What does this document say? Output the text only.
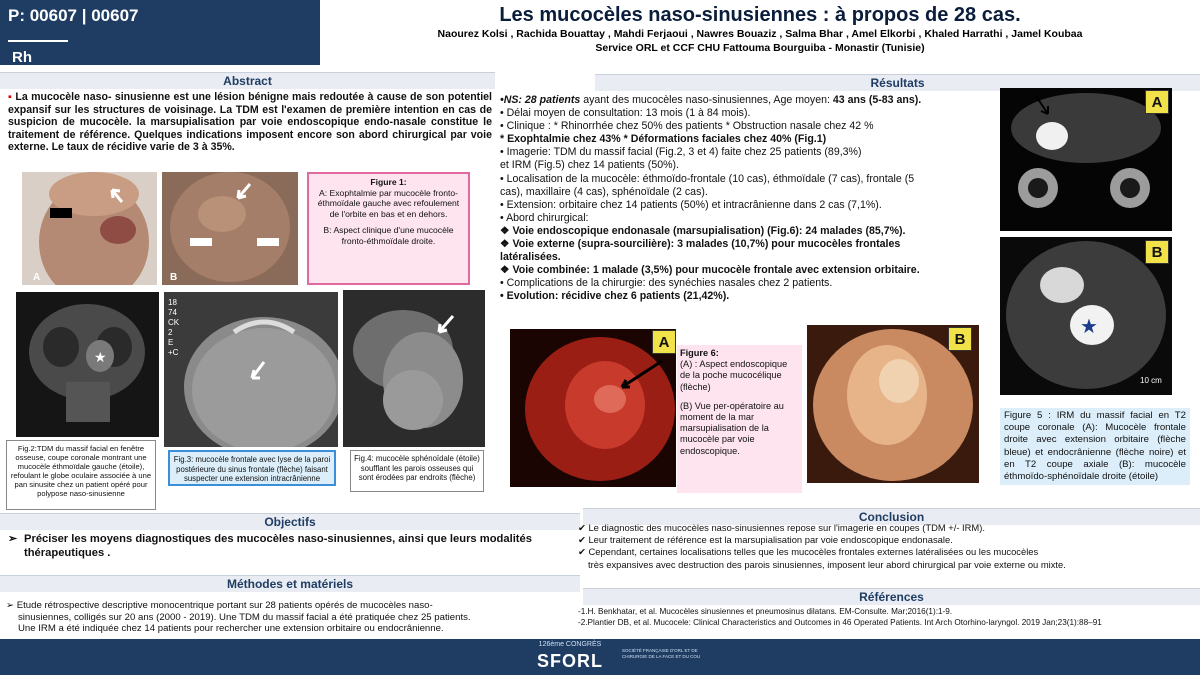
P: 00607 | 00607
Rh
Les mucocèles naso-sinusiennes : à propos de 28 cas.
Naourez Kolsi , Rachida Bouattay , Mahdi Ferjaoui , Nawres Bouaziz , Salma Bhar , Amel Elkorbi , Khaled Harrathi , Jamel Koubaa
Service ORL et CCF CHU Fattouma Bourguiba - Monastir (Tunisie)
Abstract
▪ La mucocèle naso- sinusienne est une lésion bénigne mais redoutée à cause de son potentiel expansif sur les structures de voisinage. La TDM est l'examen de première intention en cas de suspicion de mucocèle. la marsupialisation par voie endoscopique endo-nasale constitue le traitement de référence. Quelques indications imposent encore son abord chirurgical par voie externe. Le taux de récidive varie de 3 à 35%.
A	B
Figure 1:
A: Exophtalmie par mucocèle fronto-éthmoïdale gauche avec refoulement de l'orbite en bas et en dehors.
B: Aspect clinique d'une mucocèle fronto-éthmoïdale droite.
★
Fig.2:TDM du massif facial en fenêtre osseuse, coupe coronale montrant une mucocèle éthmoïdale gauche (étoile), refoulant le globe oculaire associée à une pan sinusite chez un patient opéré pour polypose naso-sinusienne
18
74
CK
2
E
+C
Fig.3: mucocèle frontale avec lyse de la paroi postérieure du sinus frontale (flèche) faisant suspecter une extension intracrânienne
Fig.4: mucocèle sphénoïdale (étoile) soufflant les parois osseuses qui sont érodées par endroits (flèche)
Résultats
•NS: 28 patients ayant des mucocèles naso-sinusiennes, Age moyen: 43 ans (5-83 ans).
• Délai moyen de consultation: 13 mois (1 à 84 mois).
• Clinique : * Rhinorrhée chez 50% des patients * Obstruction nasale chez 42 %
* Exophtalmie chez 43% * Déformations faciales chez 40% (Fig.1)
• Imagerie: TDM du massif facial (Fig.2, 3 et 4) faite chez 25 patients (89,3%)
et IRM (Fig.5) chez 14 patients (50%).
• Localisation de la mucocèle: éthmoïdo-frontale (10 cas), éthmoïdale (7 cas), frontale (5
cas), maxillaire (4 cas), sphénoïdale (2 cas).
• Extension: orbitaire chez 14 patients (50%) et intracrânienne dans 2 cas (7,1%).
• Abord chirurgical:
❖ Voie endoscopique endonasale (marsupialisation) (Fig.6): 24 malades (85,7%).
❖ Voie externe (supra-sourcilière): 3 malades (10,7%) pour mucocèles frontales
latéralisées.
❖ Voie combinée: 1 malade (3,5%) pour mucocèle frontale avec extension orbitaire.
• Complications de la chirurgie: des synéchies nasales chez 2 patients.
• Evolution: récidive chez 6 patients (21,42%).
A
★
B
10 cm
Figure 5 : IRM du massif facial en T2 coupe coronale (A): Mucocèle frontale droite avec extension orbitaire (flèche bleue) et endocrânienne (flèche noire) et en T2 coupe axiale (B): mucocèle éthmoïdo-sphénoïdale droite (étoile)
A
Figure 6:
(A) : Aspect endoscopique de la poche mucocélique (flèche)
(B) Vue per-opératoire au moment de la mar marsupialisation de la mucocèle par voie endoscopique.
B
Objectifs
➢ Préciser les moyens diagnostiques des mucocèles naso-sinusiennes, ainsi que leurs modalités thérapeutiques .
Méthodes et matériels
➢ Etude rétrospective descriptive monocentrique portant sur 28 patients opérés de mucocèles naso-
sinusiennes, colligés sur 20 ans (2000 - 2019). Une TDM du massif facial a été pratiquée chez 25 patients.
Une IRM a été indiquée chez 14 patients pour rechercher une extension orbitaire ou endocrânienne.
Conclusion
✔ Le diagnostic des mucocèles naso-sinusiennes repose sur l'imagerie en coupes (TDM +/- IRM).
✔ Leur traitement de référence est la marsupialisation par voie endoscopique endonasale.
✔ Cependant, certaines localisations telles que les mucocèles frontales externes latéralisées ou les mucocèles
très expansives avec destruction des parois sinusiennes, imposent leur abord chirurgical par voie externe ou mixte.
Références
-1.H. Benkhatar, et al. Mucocèles sinusiennes et pneumosinus dilatans. EM-Consulte. Mar;2016(1):1-9.
-2.Plantier DB, et al. Mucocele: Clinical Characteristics and Outcomes in 46 Operated Patients. Int Arch Otorhino-laryngol. 2019 Jan;23(1):88–91
126ème CONGRÈS
SFORL
SOCIÉTÉ FRANÇAISE D'ORL ET DE CHIRURGIE DE LA FACE ET DU COU
